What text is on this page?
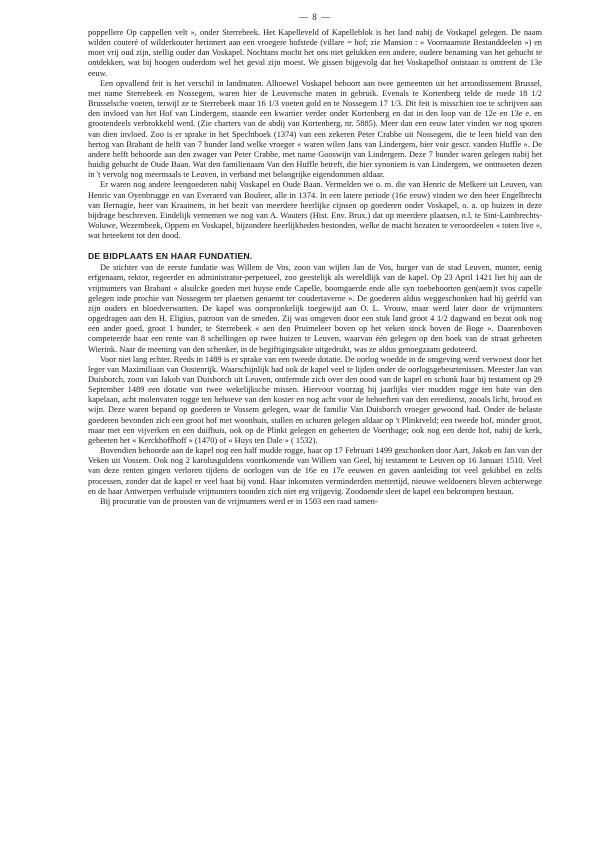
— 8 —

poppellere Op cappellen velt », onder Sterrebeek. Het Kapelleveld of Kapelleblok is het land nabij de Voskapel gelegen. De naam wilden couteré of wilderkouter herinnert aan een vroegere hofstede (villare = hof; zie Mansion : « Voornaamste Bestanddeelen ») en moet vrij oud zijn, stellig ouder dan Voskapel. Nochtans mocht het ons niet gelukken een andere, oudere benaming van het gehucht te ontdekken, wat bij hoogen ouderdom wel het geval zijn moest. We gissen bijgevolg dat het Voskapelhof ontstaan is omtrent de 13e eeuw.

Een opvallend feit is het verschil in landmaten. Alhoewel Voskapel behoort aan twee gemeenten uit het arrondissement Brussel, met name Sterrebeek en Nossegem, waren hier de Leuvensche maten in gebruik. Evenals te Kortenberg telde de roede 18 1/2 Brusselsche voeten, terwijl ze te Sterrebeek maar 16 1/3 voeten gold en te Nossegem 17 1/3. Dit feit is misschien toe te schrijven aan den invloed van het Hof van Lindergem, staande een kwartier verder onder Kortenberg en dat in den loop van de 12e en 13e e. en grootendeels verbrokkeld werd. (Zie charters van de abdij van Kortenberg, nr. 5885). Meer dan een eeuw later vinden we nog sporen van dien invloed. Zoo is er sprake in het Spechtboek (1374) van een zekeren Peter Crabbe uit Nossegem, die te leen hield van den hertog van Brabant de helft van 7 bunder land welke vroeger « waren wilen Jans van Lindergem, hier voir gescr. vanden Huffle ». De andere helft behoorde aan den zwager van Peter Crabbe, met name Gooswijn van Lindergem. Deze 7 bunder waren gelegen nabij het huidig gehucht de Oude Baan. Wat den familienaam Van den Huffle betreft, die hier synoniem is van Lindergem, we ontmoeten dezen in 't vervolg nog meermaals te Leuven, in verband met belangrijke eigendommen aldaar.

Er waren nog andere leengoederen nabij Voskapel en Oude Baan. Vermelden we o. m. die van Henric de Melkere uit Leuven, van Henric van Oyenbrugge en van Everaerd van Bouleer, alle in 1374. In een latere periode (16e eeuw) vinden we den heer Engelbrecht van Bernagie, heer van Kraainem, in het bezit van meerdere heerlijke cijnsen op goederen onder Voskapel, o. a. op huizen in deze bijdrage beschreven. Eindelijk vernemen we nog van A. Wauters (Hist. Env. Brux.) dat op meerdere plaatsen, n.l. te Sint-Lambrechts-Woluwe, Wezembeek, Oppem en Voskapel, bijzondere heerlijkheden bestonden, welke de macht bezaten te veroordeelen « toten live », wat beteekent tot den dood.

DE BIDPLAATS EN HAAR FUNDATIEN.

De stichter van de eerste fundatie was Willem de Vos, zoon van wijlen Jan de Vos, burger van de stad Leuven, munter, eenig erfgenaam, rektor, regeerder en administrator-perpetueel, zoo geestelijk als wereldlijk van de kapel. Op 23 April 1421 liet hij aan de vrijmunters van Brabant « alsulcke goeden met huyse ende Capelle, boomgaerde ende alle syn toebehoorten gen(aem)t svos capelle gelegen inde prochie van Nossegem ter plaetsen genaemt ter coudertaverne ». De goederen aldus weggeschonken had hij geërfd van zijn ouders en bloedverwanten. De kapel was oorspronkelijk toegewijd aan O. L. Vrouw, maar werd later door de vrijmunters opgedragen aan den H. Eligius, patroon van de smeden. Zij was omgeven door een stuk land groot 4 1/2 dagwand en bezat ook nog een ander goed, groot 1 bunder, te Sterrebeek « aen den Pruimeleer boven op het veken stock boven de Boge ». Daarenboven competeerde haar een rente van 8 schellingen op twee huizen te Leuven, waarvan één gelegen op den hoek van de straat geheeten Wierink. Naar de meening van den schenker, in de begiftigingsakte uitgedrukt, was ze aldus genoegzaam gedoteerd.

Voor niet lang echter. Reeds in 1489 is er sprake van een tweede dotatie. De oorlog woedde in de omgeving werd verwoest door het leger van Maximiliaan van Oostenrijk. Waarschijnlijk had ook de kapel veel te lijden onder de oorlogsgebeurtenissen. Meester Jan van Duisborch, zoon van Jakob van Duisborch uit Leuven, ontfermde zich over den nood van de kapel en schonk haar bij testament op 29 September 1489 een dotatie van twee wekelijksche missen. Hiervoor voorzag hij jaarlijks vier mudden rogge ten bate van den kapelaan, acht molenvaten rogge ten behoeve van den koster en nog acht voor de behoeften van den eeredienst, zooals licht, brood en wijn. Deze waren bepand op goederen te Vossem gelegen, waar de familie Van Duisborch vroeger gewoond had. Onder de belaste goederen bevonden zich een groot hof met woonhuis, stallen en schuren gelegen aldaar op 't Plinktveld; een tweede hof, minder groot, maar met een vijverken en een duifhuis, ook op de Plinkt gelegen en geheeten de Voerthage; ook nog een derde hof, nabij de kerk, geheeten het « Kerckhoffhoff » (1470) of « Huys ten Dale » ( 1532).

Bovendien behoorde aan de kapel nog een half mudde rogge, haar op 17 Februari 1499 geschonken door Aart, Jakob en Jan van der Veken uit Vossem. Ook nog 2 karolusguldens voortkomende van Willem van Geel, bij testament te Leuven op 16 Januari 1510. Veel van deze renten gingen verloren tijdens de oorlogen van de 16e en 17e eeuwen en gaven aanleiding tot veel gekibbel en zelfs processen, zonder dat de kapel er veel baat bij vond. Haar inkomsten verminderden mettertijd, nieuwe weldoeners bleven achterwege en de haar Antwerpen verhuisde vrijmunters toonden zich niet erg vrijgevig. Zoodoende sleet de kapel een bekrompen bestaan.

Bij procuratie van de proosten van de vrijmunters werd er in 1503 een raad samen-
